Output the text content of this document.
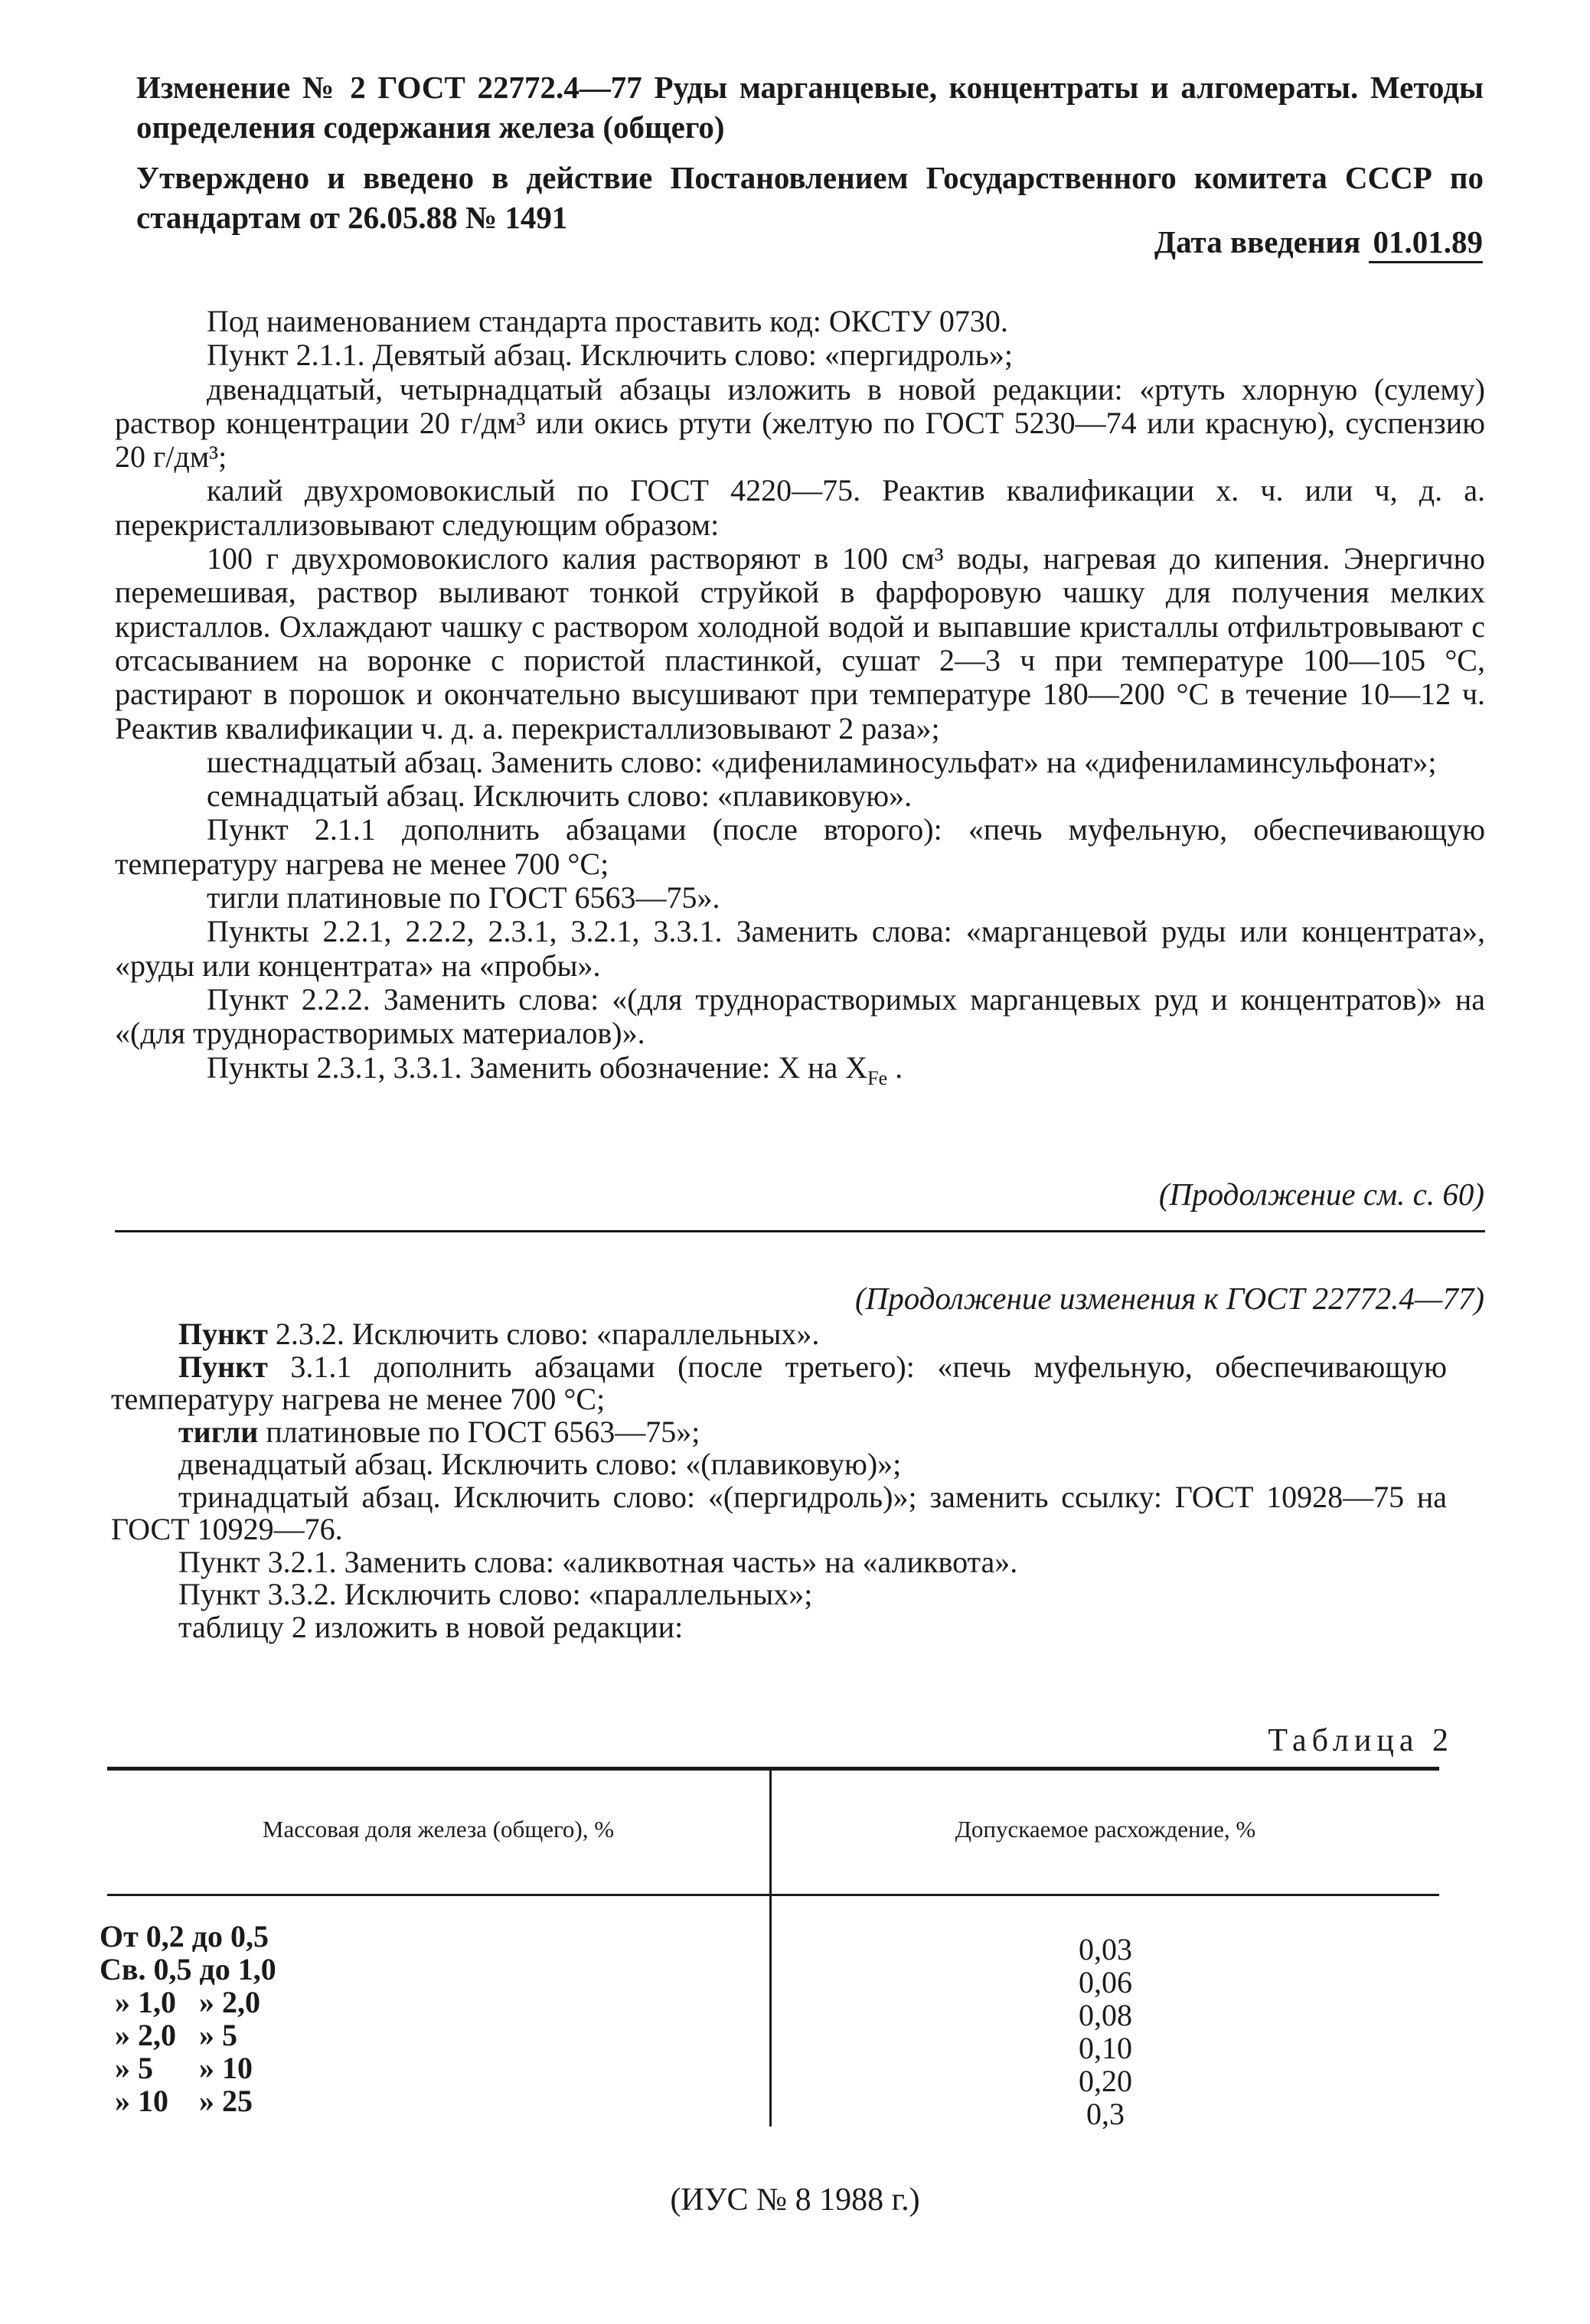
Изменение № 2 ГОСТ 22772.4—77 Руды марганцевые, концентраты и алгомераты. Методы определения содержания железа (общего)
Утверждено и введено в действие Постановлением Государственного комитета СССР по стандартам от 26.05.88 № 1491
Дата введения 01.01.89

Под наименованием стандарта проставить код: ОКСТУ 0730.

Пункт 2.1.1. Девятый абзац. Исключить слово: «пергидроль»;

двенадцатый, четырнадцатый абзацы изложить в новой редакции: «ртуть хлорную (сулему) раствор концентрации 20 г/дм³ или окись ртути (желтую по ГОСТ 5230—74 или красную), суспензию 20 г/дм³;

калий двухромовокислый по ГОСТ 4220—75. Реактив квалификации х. ч. или ч, д. а. перекристаллизовывают следующим образом:

100 г двухромовокислого калия растворяют в 100 см³ воды, нагревая до кипения. Энергично перемешивая, раствор выливают тонкой струйкой в фарфоровую чашку для получения мелких кристаллов. Охлаждают чашку с раствором холодной водой и выпавшие кристаллы отфильтровывают с отсасыванием на воронке с пористой пластинкой, сушат 2—3 ч при температуре 100—105 °С, растирают в порошок и окончательно высушивают при температуре 180—200 °С в течение 10—12 ч. Реактив квалификации ч. д. а. перекристаллизовывают 2 раза»;

шестнадцатый абзац. Заменить слово: «дифениламиносульфат» на «дифениламинсульфонат»;

семнадцатый абзац. Исключить слово: «плавиковую».

Пункт 2.1.1 дополнить абзацами (после второго): «печь муфельную, обеспечивающую температуру нагрева не менее 700 °С;

тигли платиновые по ГОСТ 6563—75».

Пункты 2.2.1, 2.2.2, 2.3.1, 3.2.1, 3.3.1. Заменить слова: «марганцевой руды или концентрата», «руды или концентрата» на «пробы».

Пункт 2.2.2. Заменить слова: «(для труднорастворимых марганцевых руд и концентратов)» на «(для труднорастворимых материалов)».

Пункты 2.3.1, 3.3.1. Заменить обозначение: X на $X_{Fe}$ .

(Продолжение см. с. 60)
(Продолжение изменения к ГОСТ 22772.4—77)

Пункт 2.3.2. Исключить слово: «параллельных».

Пункт 3.1.1 дополнить абзацами (после третьего): «печь муфельную, обеспечивающую температуру нагрева не менее 700 °С;

тигли платиновые по ГОСТ 6563—75»;

двенадцатый абзац. Исключить слово: «(плавиковую)»;

тринадцатый абзац. Исключить слово: «(пергидроль)»; заменить ссылку: ГОСТ 10928—75 на ГОСТ 10929—76.

Пункт 3.2.1. Заменить слова: «аликвотная часть» на «аликвота».

Пункт 3.3.2. Исключить слово: «параллельных»;

таблицу 2 изложить в новой редакции:

Таблица 2
Массовая доля железа (общего), %	Допускаемое расхождение, %
От 0,2 до 0,5
Св. 0,5 до 1,0
» 1,0   » 2,0
» 2,0   » 5
» 5      » 10
» 10    » 25
0,03
0,06
0,08
0,10
0,20
0,3
(ИУС № 8 1988 г.)
